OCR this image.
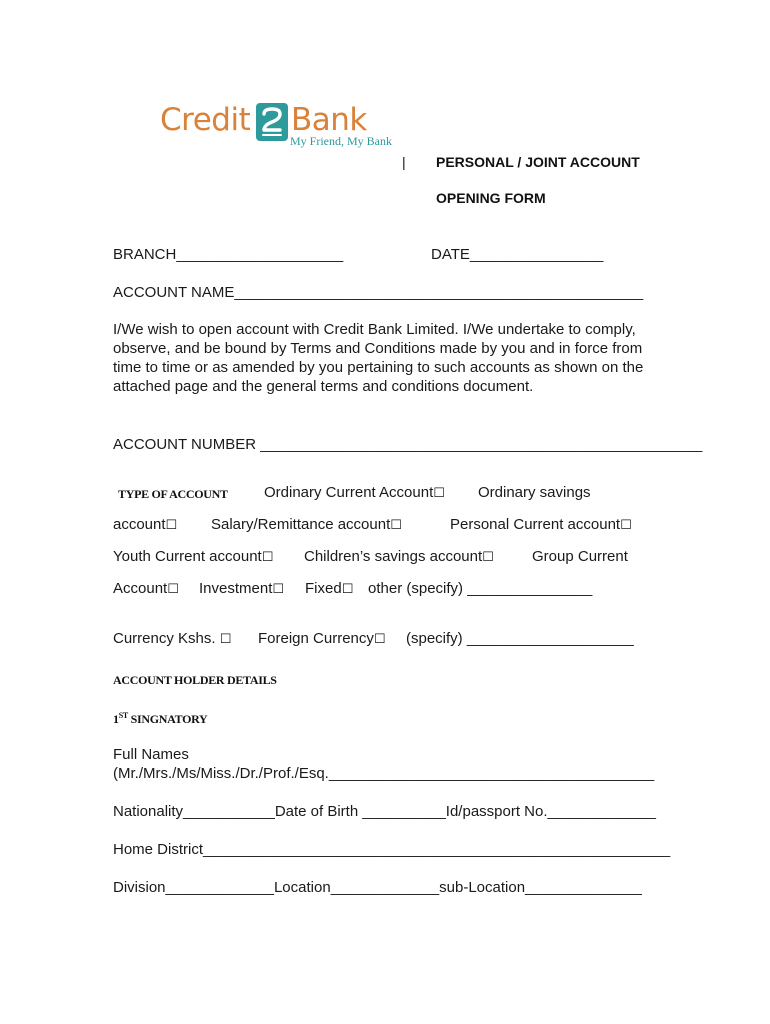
Credit Bank
My Friend, My Bank
| PERSONAL / JOINT ACCOUNT
OPENING FORM
BRANCH____________________	DATE________________
ACCOUNT NAME_________________________________________________
I/We wish to open account with Credit Bank Limited. I/We undertake to comply, observe, and be bound by Terms and Conditions made by you and in force from time to time or as amended by you pertaining to such accounts as shown on the attached page and the general terms and conditions document.
ACCOUNT NUMBER _____________________________________________________
TYPE OF ACCOUNT Ordinary Current Account☐ Ordinary savings
account☐ Salary/Remittance account☐	Personal Current account☐
Youth Current account☐ Children’s savings account☐	Group Current
Account☐ Investment☐ Fixed☐ other (specify) _______________
Currency Kshs. ☐ Foreign Currency☐ (specify) ____________________
ACCOUNT HOLDER DETAILS
1ST SINGNATORY
Full Names
(Mr./Mrs./Ms/Miss./Dr./Prof./Esq._______________________________________
Nationality___________Date of Birth __________Id/passport No._____________
Home District________________________________________________________
Division_____________Location_____________sub-Location______________
